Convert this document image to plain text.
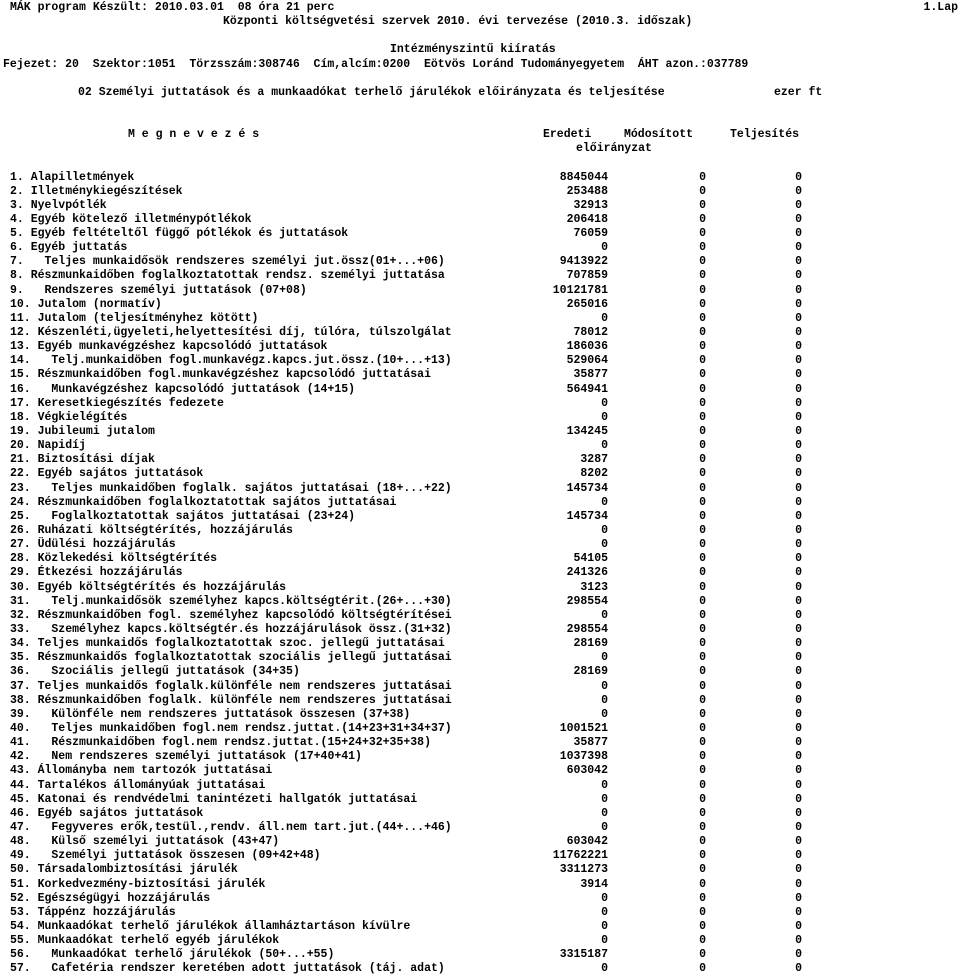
MÁK program Készült: 2010.03.01  08 óra 21 perc	1.Lap
Központi költségvetési szervek 2010. évi tervezése (2010.3. időszak)
Intézményszintű kiíratás
Fejezet: 20  Szektor:1051  Törzsszám:308746  Cím,alcím:0200  Eötvös Loránd Tudományegyetem  ÁHT azon.:037789
02 Személyi juttatások és a munkaadókat terhelő járulékok előirányzata és teljesítése	ezer ft
M e g n e v e z é s	Eredeti	Módosított	Teljesítés
előirányzat
1. Alapilletmények	8845044	0	0
2. Illetménykiegészítések	253488	0	0
3. Nyelvpótlék	32913	0	0
4. Egyéb kötelező illetménypótlékok	206418	0	0
5. Egyéb feltételtől függő pótlékok és juttatások	76059	0	0
6. Egyéb juttatás	0	0	0
7.   Teljes munkaidősök rendszeres személyi jut.össz(01+...+06)	9413922	0	0
8. Részmunkaidőben foglalkoztatottak rendsz. személyi juttatása	707859	0	0
9.   Rendszeres személyi juttatások (07+08)	10121781	0	0
10. Jutalom (normatív)	265016	0	0
11. Jutalom (teljesítményhez kötött)	0	0	0
12. Készenléti,ügyeleti,helyettesítési díj, túlóra, túlszolgálat	78012	0	0
13. Egyéb munkavégzéshez kapcsolódó juttatások	186036	0	0
14.   Telj.munkaidöben fogl.munkavégz.kapcs.jut.össz.(10+...+13)	529064	0	0
15. Részmunkaidőben fogl.munkavégzéshez kapcsolódó juttatásai	35877	0	0
16.   Munkavégzéshez kapcsolódó juttatások (14+15)	564941	0	0
17. Keresetkiegészítés fedezete	0	0	0
18. Végkielégítés	0	0	0
19. Jubileumi jutalom	134245	0	0
20. Napidíj	0	0	0
21. Biztosítási díjak	3287	0	0
22. Egyéb sajátos juttatások	8202	0	0
23.   Teljes munkaidőben foglalk. sajátos juttatásai (18+...+22)	145734	0	0
24. Részmunkaidőben foglalkoztatottak sajátos juttatásai	0	0	0
25.   Foglalkoztatottak sajátos juttatásai (23+24)	145734	0	0
26. Ruházati költségtérítés, hozzájárulás	0	0	0
27. Üdülési hozzájárulás	0	0	0
28. Közlekedési költségtérítés	54105	0	0
29. Étkezési hozzájárulás	241326	0	0
30. Egyéb költségtérítés és hozzájárulás	3123	0	0
31.   Telj.munkaidősök személyhez kapcs.költségtérit.(26+...+30)	298554	0	0
32. Részmunkaidőben fogl. személyhez kapcsolódó költségtérítései	0	0	0
33.   Személyhez kapcs.költségtér.és hozzájárulások össz.(31+32)	298554	0	0
34. Teljes munkaidős foglalkoztatottak szoc. jellegű juttatásai	28169	0	0
35. Részmunkaidős foglalkoztatottak szociális jellegű juttatásai	0	0	0
36.   Szociális jellegű juttatások (34+35)	28169	0	0
37. Teljes munkaidős foglalk.különféle nem rendszeres juttatásai	0	0	0
38. Részmunkaidőben foglalk. különféle nem rendszeres juttatásai	0	0	0
39.   Különféle nem rendszeres juttatások összesen (37+38)	0	0	0
40.   Teljes munkaidőben fogl.nem rendsz.juttat.(14+23+31+34+37)	1001521	0	0
41.   Részmunkaidőben fogl.nem rendsz.juttat.(15+24+32+35+38)	35877	0	0
42.   Nem rendszeres személyi juttatások (17+40+41)	1037398	0	0
43. Állományba nem tartozók juttatásai	603042	0	0
44. Tartalékos állományúak juttatásai	0	0	0
45. Katonai és rendvédelmi tanintézeti hallgatók juttatásai	0	0	0
46. Egyéb sajátos juttatások	0	0	0
47.   Fegyveres erők,testül.,rendv. áll.nem tart.jut.(44+...+46)	0	0	0
48.   Külső személyi juttatások (43+47)	603042	0	0
49.   Személyi juttatások összesen (09+42+48)	11762221	0	0
50. Társadalombiztosítási járulék	3311273	0	0
51. Korkedvezmény-biztosítási járulék	3914	0	0
52. Egészségügyi hozzájárulás	0	0	0
53. Táppénz hozzájárulás	0	0	0
54. Munkaadókat terhelő járulékok államháztartáson kívülre	0	0	0
55. Munkaadókat terhelő egyéb járulékok	0	0	0
56.   Munkaadókat terhelő járulékok (50+...+55)	3315187	0	0
57.   Cafetéria rendszer keretében adott juttatások (táj. adat)	0	0	0
